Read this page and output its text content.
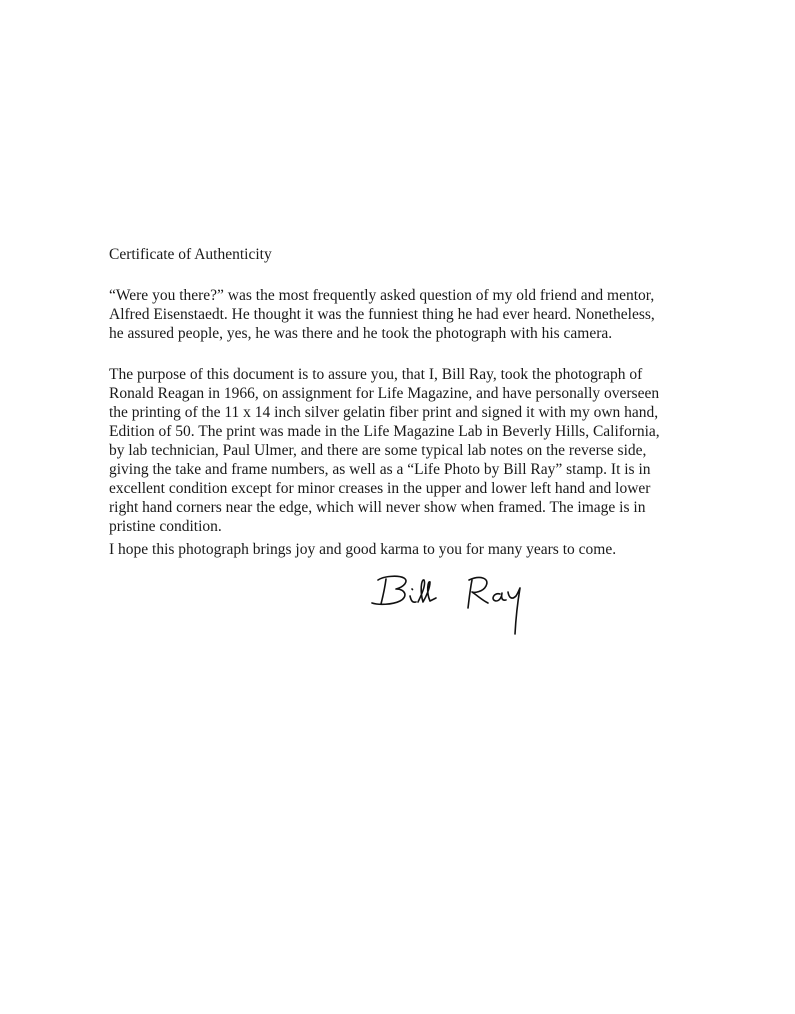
Certificate of Authenticity

“Were you there?” was the most frequently asked question of my old friend and mentor,

Alfred Eisenstaedt. He thought it was the funniest thing he had ever heard. Nonetheless,

he assured people, yes, he was there and he took the photograph with his camera.

The purpose of this document is to assure you, that I, Bill Ray, took the photograph of

Ronald Reagan in 1966, on assignment for Life Magazine, and have personally overseen

the printing of the 11 x 14 inch silver gelatin fiber print and signed it with my own hand,

Edition of 50. The print was made in the Life Magazine Lab in Beverly Hills, California,

by lab technician, Paul Ulmer, and there are some typical lab notes on the reverse side,

giving the take and frame numbers, as well as a “Life Photo by Bill Ray” stamp. It is in

excellent condition except for minor creases in the upper and lower left hand and lower

right hand corners near the edge, which will never show when framed. The image is in

pristine condition.

I hope this photograph brings joy and good karma to you for many years to come.
